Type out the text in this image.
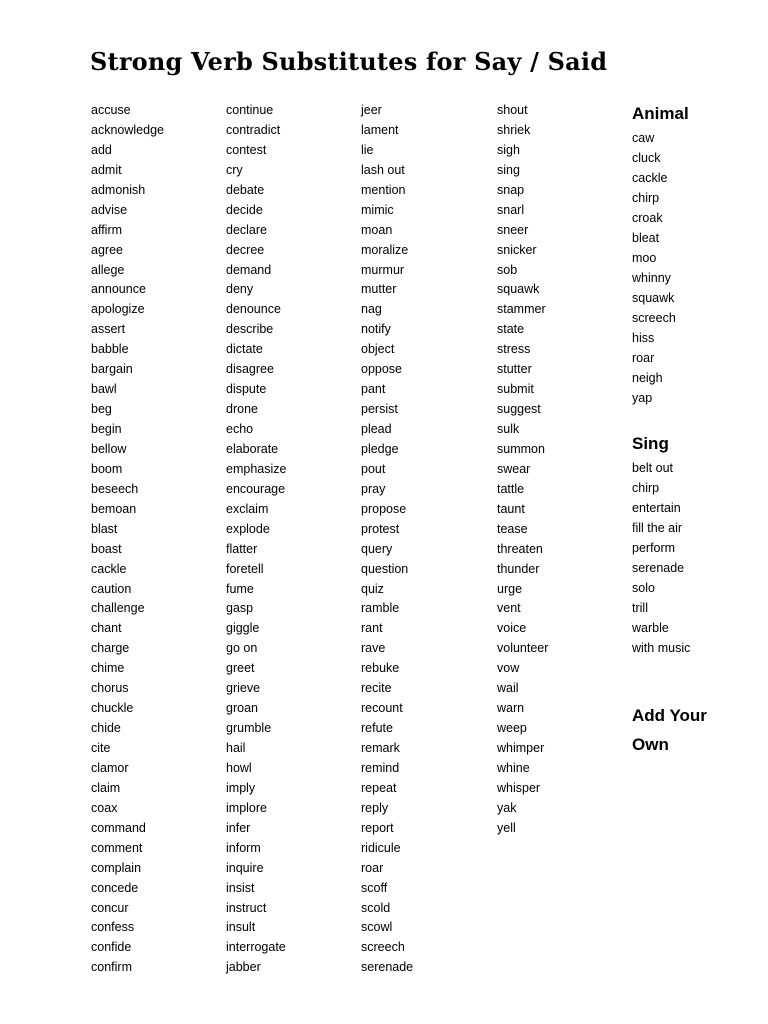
Strong Verb Substitutes for Say / Said
accuse
acknowledge
add
admit
admonish
advise
affirm
agree
allege
announce
apologize
assert
babble
bargain
bawl
beg
begin
bellow
boom
beseech
bemoan
blast
boast
cackle
caution
challenge
chant
charge
chime
chorus
chuckle
chide
cite
clamor
claim
coax
command
comment
complain
concede
concur
confess
confide
confirm
continue
contradict
contest
cry
debate
decide
declare
decree
demand
deny
denounce
describe
dictate
disagree
dispute
drone
echo
elaborate
emphasize
encourage
exclaim
explode
flatter
foretell
fume
gasp
giggle
go on
greet
grieve
groan
grumble
hail
howl
imply
implore
infer
inform
inquire
insist
instruct
insult
interrogate
jabber
jeer
lament
lie
lash out
mention
mimic
moan
moralize
murmur
mutter
nag
notify
object
oppose
pant
persist
plead
pledge
pout
pray
propose
protest
query
question
quiz
ramble
rant
rave
rebuke
recite
recount
refute
remark
remind
repeat
reply
report
ridicule
roar
scoff
scold
scowl
screech
serenade
shout
shriek
sigh
sing
snap
snarl
sneer
snicker
sob
squawk
stammer
state
stress
stutter
submit
suggest
sulk
summon
swear
tattle
taunt
tease
threaten
thunder
urge
vent
voice
volunteer
vow
wail
warn
weep
whimper
whine
whisper
yak
yell
Animal
caw
cluck
cackle
chirp
croak
bleat
moo
whinny
squawk
screech
hiss
roar
neigh
yap
Sing
belt out
chirp
entertain
fill the air
perform
serenade
solo
trill
warble
with music
Add Your Own
